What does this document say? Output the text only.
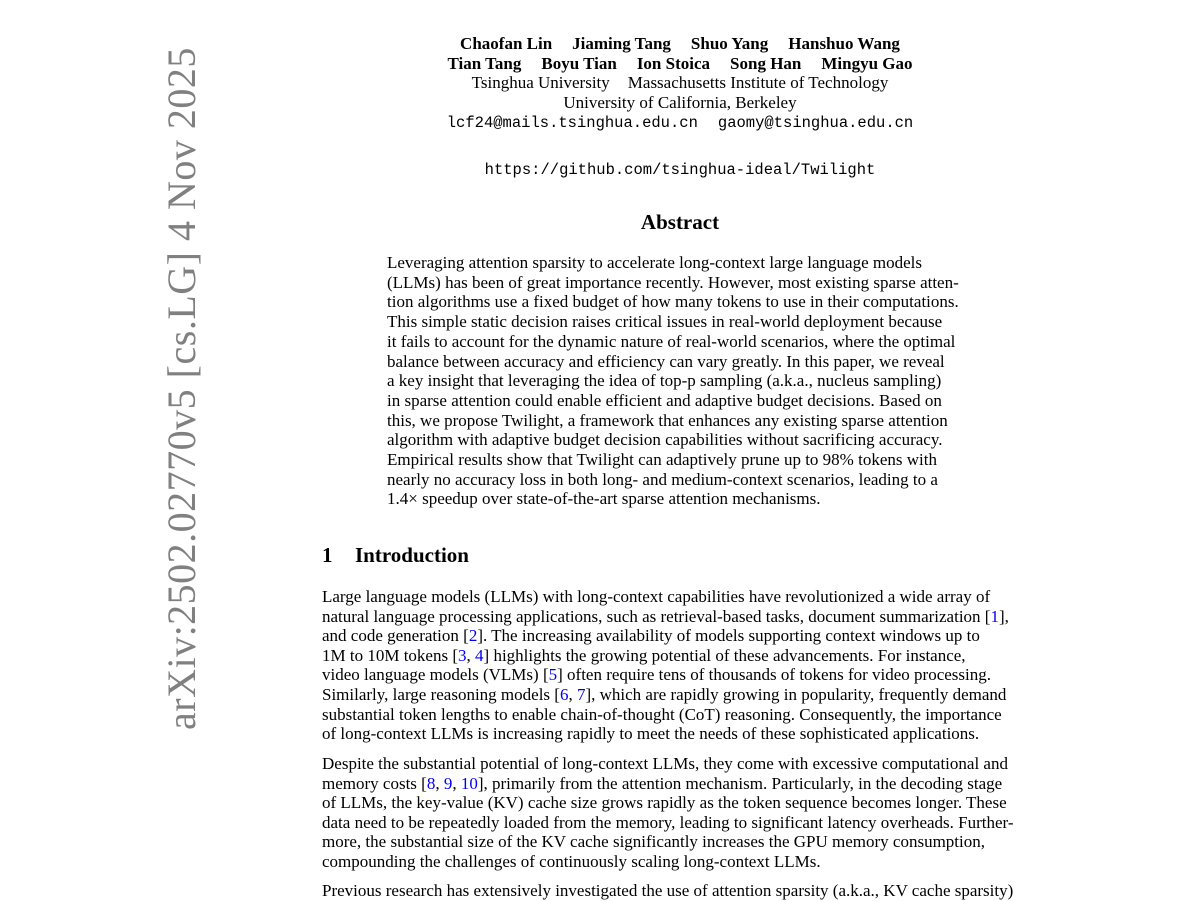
arXiv:2502.02770v5 [cs.LG] 4 Nov 2025
Chaofan Lin Jiaming Tang Shuo Yang Hanshuo Wang
Tian Tang Boyu Tian Ion Stoica Song Han Mingyu Gao
Tsinghua University Massachusetts Institute of Technology
University of California, Berkeley
lcf24@mails.tsinghua.edu.cn gaomy@tsinghua.edu.cn
https://github.com/tsinghua-ideal/Twilight
Abstract
Leveraging attention sparsity to accelerate long-context large language models
(LLMs) has been of great importance recently. However, most existing sparse atten-
tion algorithms use a fixed budget of how many tokens to use in their computations.
This simple static decision raises critical issues in real-world deployment because
it fails to account for the dynamic nature of real-world scenarios, where the optimal
balance between accuracy and efficiency can vary greatly. In this paper, we reveal
a key insight that leveraging the idea of top-p sampling (a.k.a., nucleus sampling)
in sparse attention could enable efficient and adaptive budget decisions. Based on
this, we propose Twilight, a framework that enhances any existing sparse attention
algorithm with adaptive budget decision capabilities without sacrificing accuracy.
Empirical results show that Twilight can adaptively prune up to 98% tokens with
nearly no accuracy loss in both long- and medium-context scenarios, leading to a
1.4× speedup over state-of-the-art sparse attention mechanisms.
1 Introduction
Large language models (LLMs) with long-context capabilities have revolutionized a wide array of
natural language processing applications, such as retrieval-based tasks, document summarization [1],
and code generation [2]. The increasing availability of models supporting context windows up to
1M to 10M tokens [3, 4] highlights the growing potential of these advancements. For instance,
video language models (VLMs) [5] often require tens of thousands of tokens for video processing.
Similarly, large reasoning models [6, 7], which are rapidly growing in popularity, frequently demand
substantial token lengths to enable chain-of-thought (CoT) reasoning. Consequently, the importance
of long-context LLMs is increasing rapidly to meet the needs of these sophisticated applications.
Despite the substantial potential of long-context LLMs, they come with excessive computational and
memory costs [8, 9, 10], primarily from the attention mechanism. Particularly, in the decoding stage
of LLMs, the key-value (KV) cache size grows rapidly as the token sequence becomes longer. These
data need to be repeatedly loaded from the memory, leading to significant latency overheads. Further-
more, the substantial size of the KV cache significantly increases the GPU memory consumption,
compounding the challenges of continuously scaling long-context LLMs.
Previous research has extensively investigated the use of attention sparsity (a.k.a., KV cache sparsity)
